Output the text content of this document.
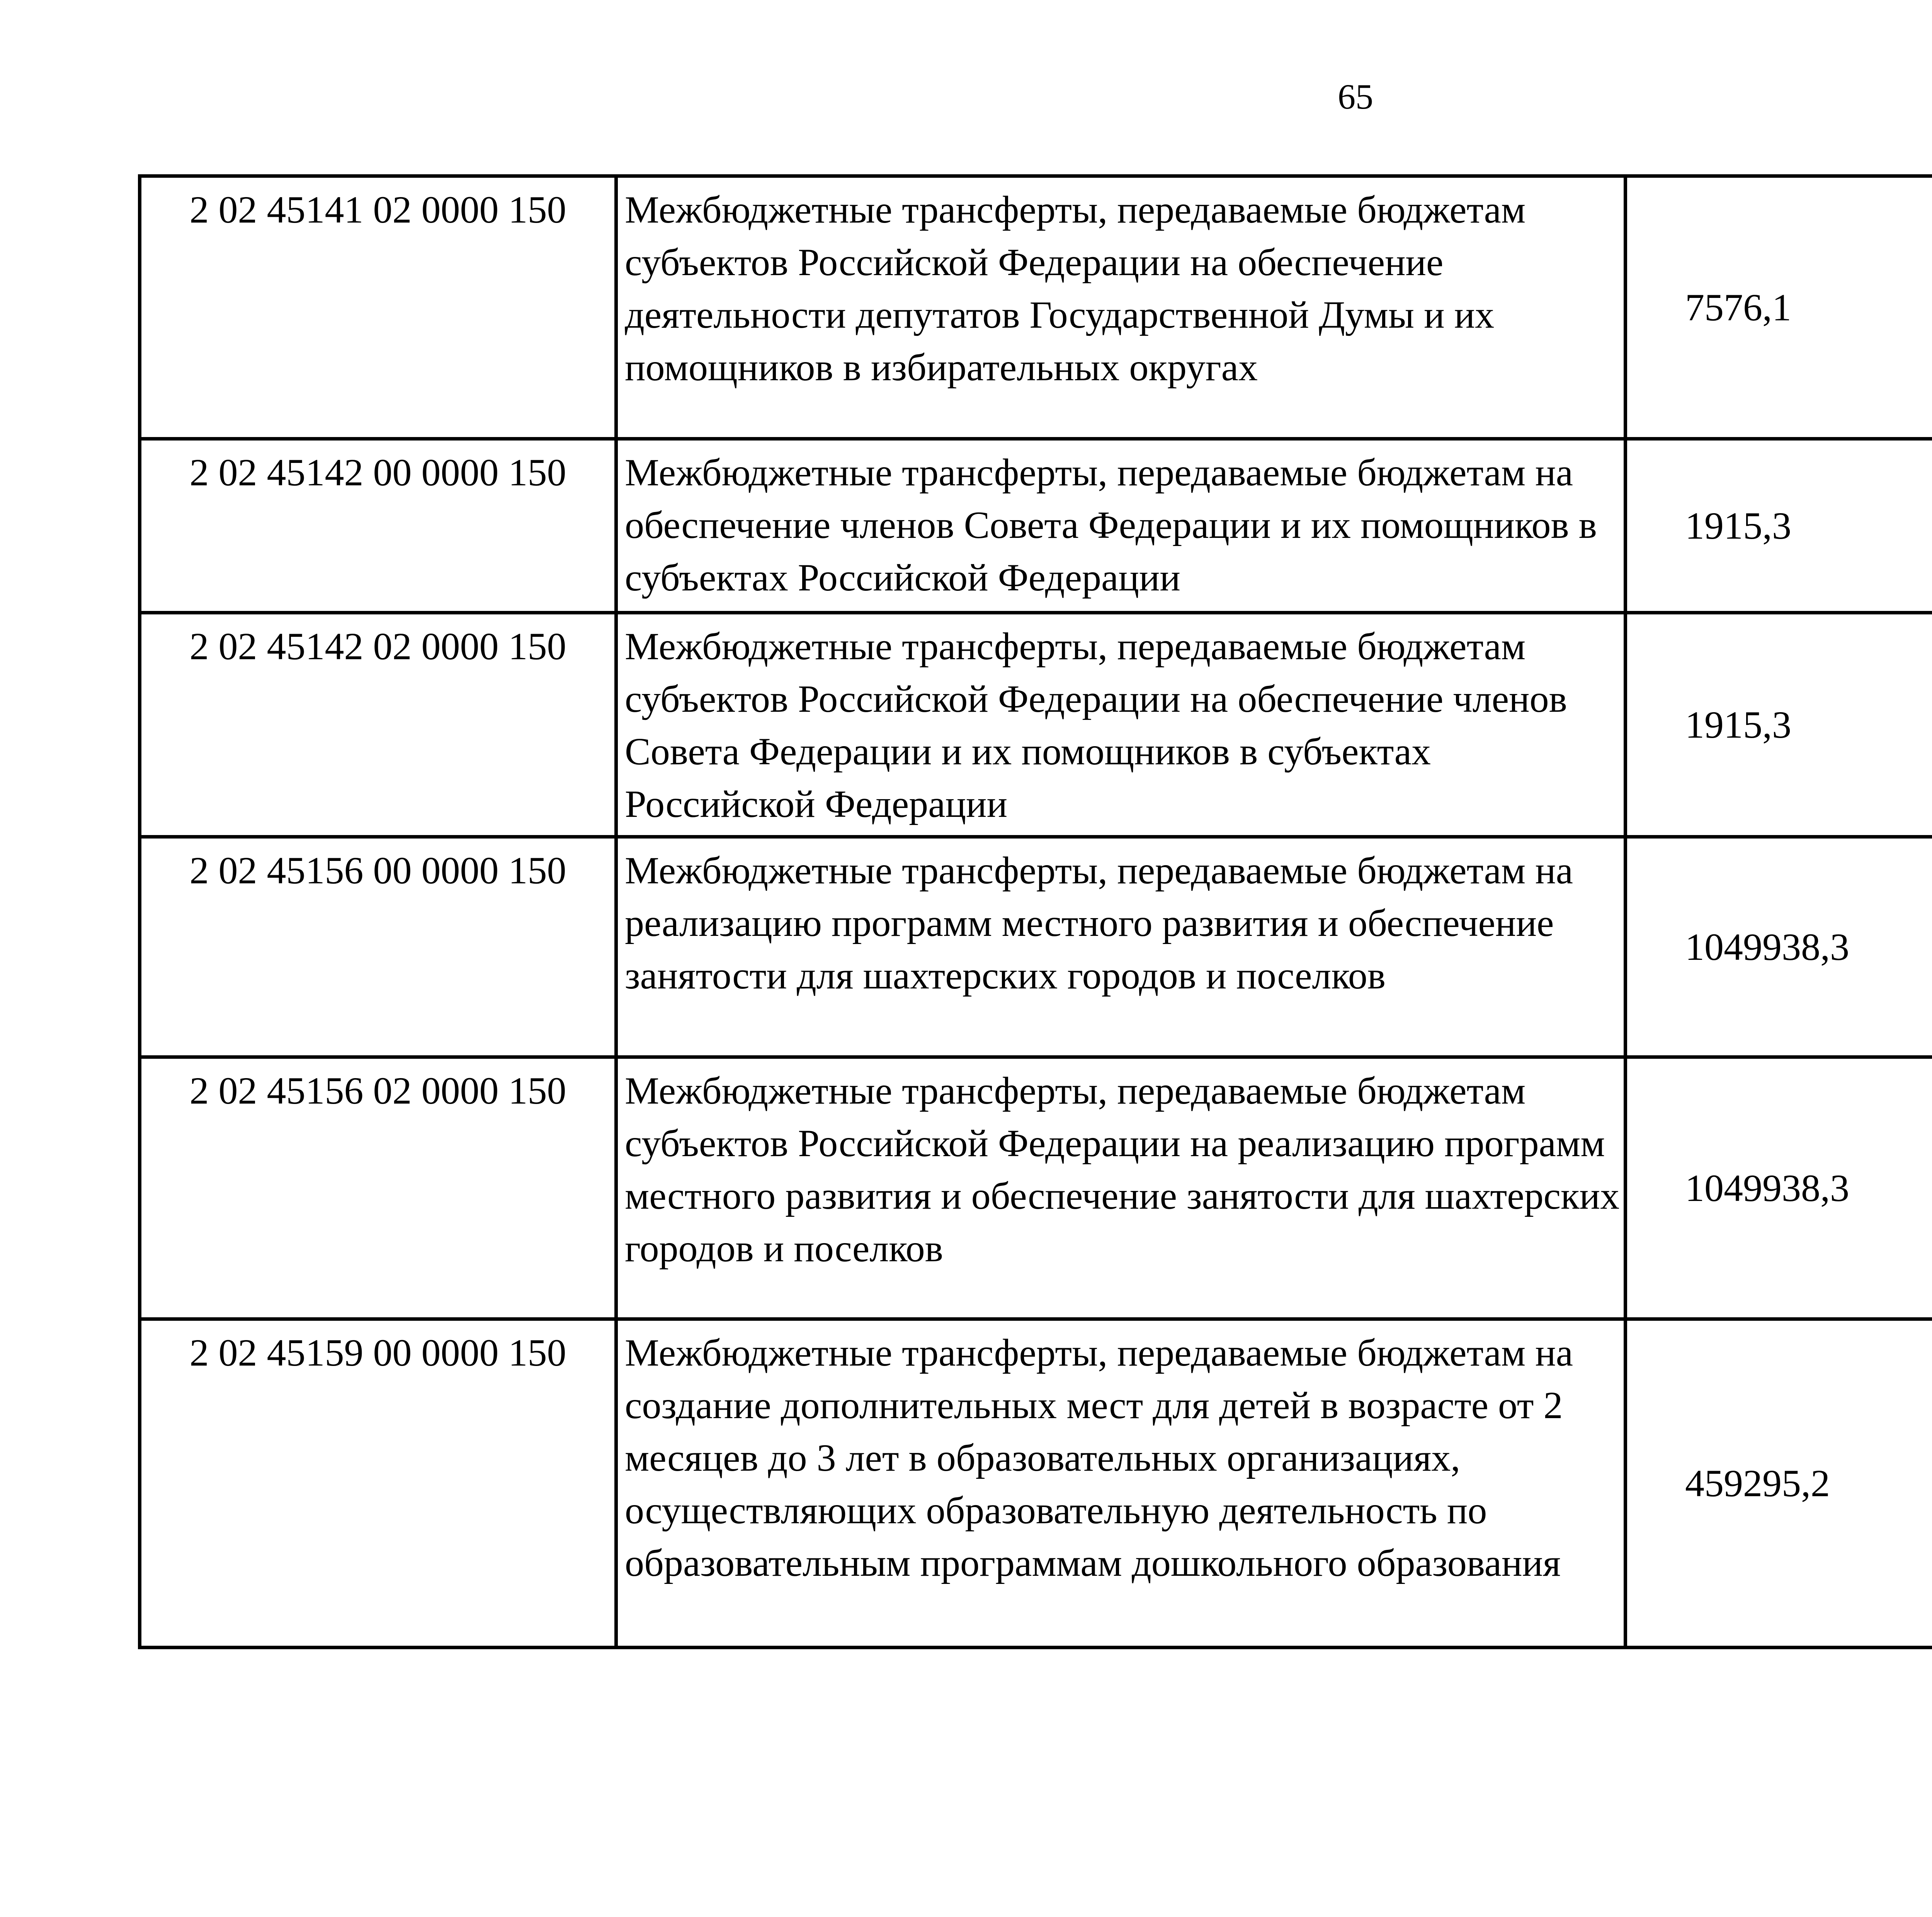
65
2 02 45141 02 0000 150	Межбюджетные трансферты, передаваемые бюджетам субъектов Российской Федерации на обеспечение деятельности депутатов Государственной Думы и их помощников в избирательных округах	7576,1		
2 02 45142 00 0000 150	Межбюджетные трансферты, передаваемые бюджетам на обеспечение членов Совета Федерации и их помощников в субъектах Российской Федерации	1915,3		
2 02 45142 02 0000 150	Межбюджетные трансферты, передаваемые бюджетам субъектов Российской Федерации на обеспечение членов Совета Федерации и их помощников в субъектах Российской Федерации	1915,3		
2 02 45156 00 0000 150	Межбюджетные трансферты, передаваемые бюджетам на реализацию программ местного развития и обеспечение занятости для шахтерских городов и поселков	1049938,3		
2 02 45156 02 0000 150	Межбюджетные трансферты, передаваемые бюджетам субъектов Российской Федерации на реализацию программ местного развития и обеспечение занятости для шахтерских городов и поселков	1049938,3		
2 02 45159 00 0000 150	Межбюджетные трансферты, передаваемые бюджетам на создание дополнительных мест для детей в возрасте от 2 месяцев до 3 лет в образовательных организациях, осуществляющих образовательную деятельность по образовательным программам дошкольного образования	459295,2		
